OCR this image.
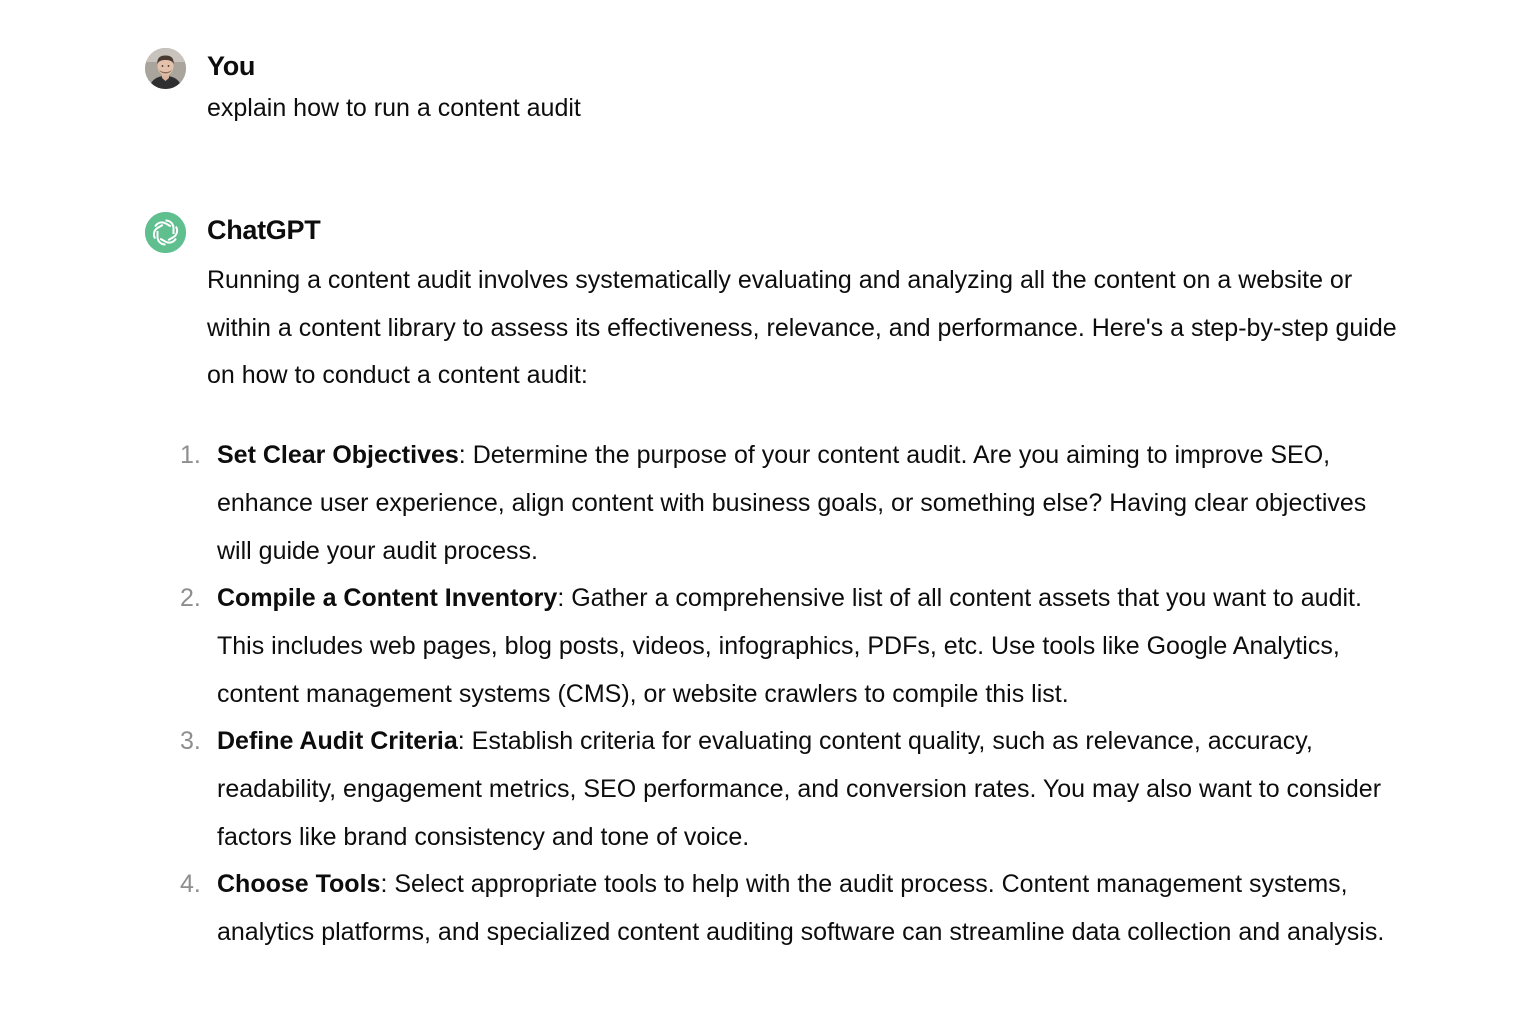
You
explain how to run a content audit
ChatGPT

Running a content audit involves systematically evaluating and analyzing all the content on a website or within a content library to assess its effectiveness, relevance, and performance. Here's a step-by-step guide on how to conduct a content audit:

1. Set Clear Objectives: Determine the purpose of your content audit. Are you aiming to improve SEO, enhance user experience, align content with business goals, or something else? Having clear objectives will guide your audit process.
2. Compile a Content Inventory: Gather a comprehensive list of all content assets that you want to audit. This includes web pages, blog posts, videos, infographics, PDFs, etc. Use tools like Google Analytics, content management systems (CMS), or website crawlers to compile this list.
3. Define Audit Criteria: Establish criteria for evaluating content quality, such as relevance, accuracy, readability, engagement metrics, SEO performance, and conversion rates. You may also want to consider factors like brand consistency and tone of voice.
4. Choose Tools: Select appropriate tools to help with the audit process. Content management systems, analytics platforms, and specialized content auditing software can streamline data collection and analysis.
